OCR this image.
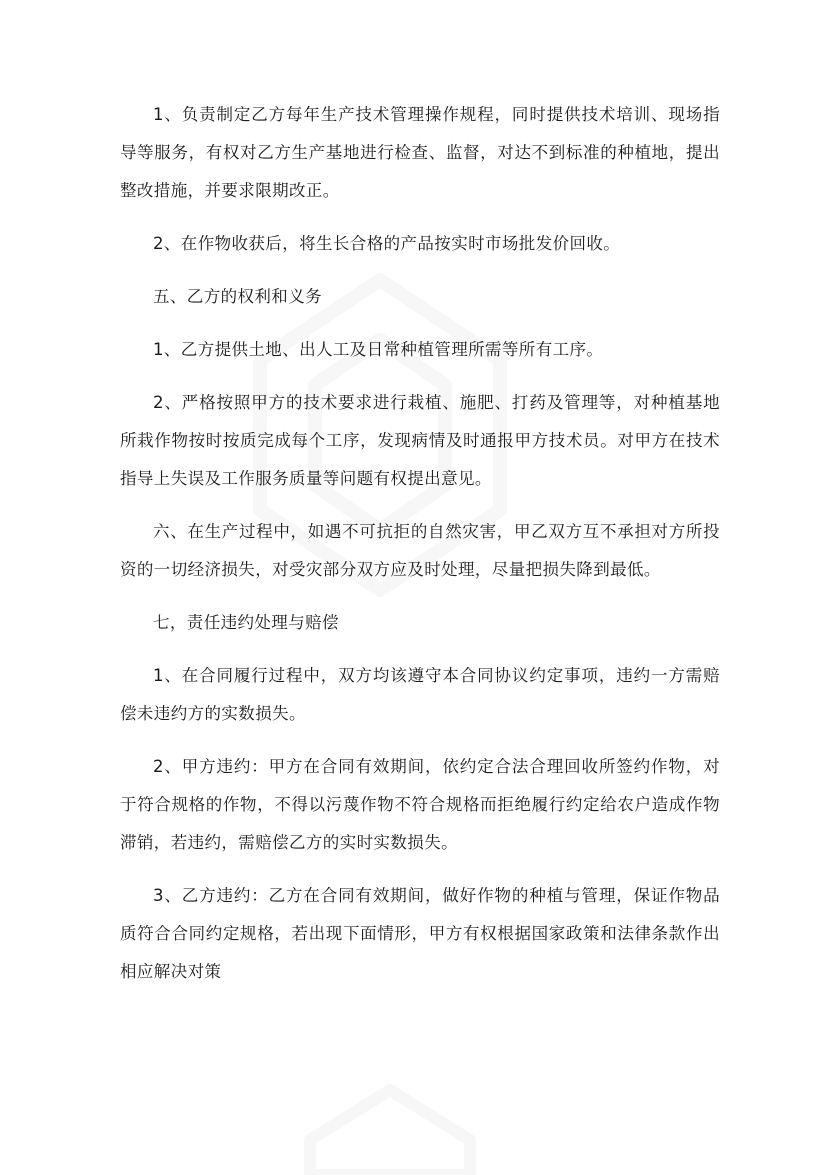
1、负责制定乙方每年生产技术管理操作规程，同时提供技术培训、现场指导等服务，有权对乙方生产基地进行检查、监督，对达不到标准的种植地，提出整改措施，并要求限期改正。

2、在作物收获后，将生长合格的产品按实时市场批发价回收。

五、乙方的权利和义务

1、乙方提供土地、出人工及日常种植管理所需等所有工序。

2、严格按照甲方的技术要求进行栽植、施肥、打药及管理等，对种植基地所栽作物按时按质完成每个工序，发现病情及时通报甲方技术员。对甲方在技术指导上失误及工作服务质量等问题有权提出意见。

六、在生产过程中，如遇不可抗拒的自然灾害，甲乙双方互不承担对方所投资的一切经济损失，对受灾部分双方应及时处理，尽量把损失降到最低。

七，责任违约处理与赔偿

1、在合同履行过程中，双方均该遵守本合同协议约定事项，违约一方需赔偿未违约方的实数损失。

2、甲方违约：甲方在合同有效期间，依约定合法合理回收所签约作物，对于符合规格的作物，不得以污蔑作物不符合规格而拒绝履行约定给农户造成作物滞销，若违约，需赔偿乙方的实时实数损失。

3、乙方违约：乙方在合同有效期间，做好作物的种植与管理，保证作物品质符合合同约定规格，若出现下面情形，甲方有权根据国家政策和法律条款作出相应解决对策
